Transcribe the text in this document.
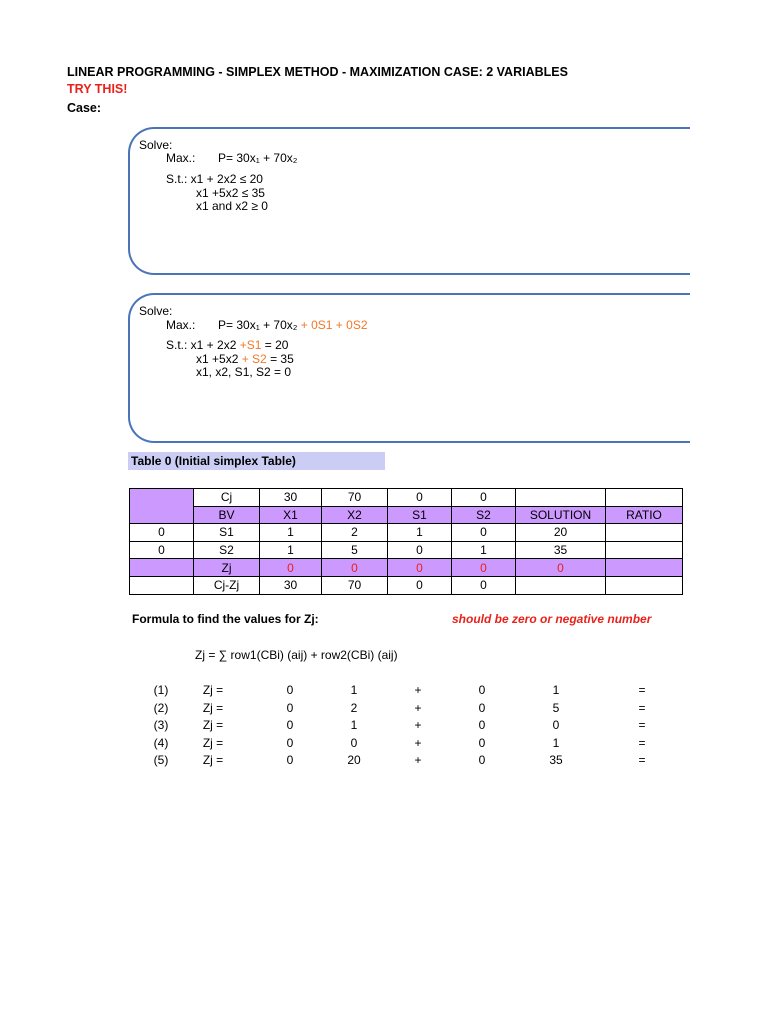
LINEAR PROGRAMMING - SIMPLEX METHOD - MAXIMIZATION CASE: 2 VARIABLES
TRY THIS!
Case:
Solve:
Max.: P= 30x₁ + 70x₂
S.t.: x1 + 2x2 ≤ 20
x1 +5x2 ≤ 35
x1 and x2 ≥ 0
Solve:
Max.: P= 30x₁ + 70x₂ + 0S1 + 0S2
S.t.: x1 + 2x2 +S1 = 20
x1 +5x2 + S2 = 35
x1, x2, S1, S2 = 0
Table 0 (Initial simplex Table)
	Cj	30	70	0	0		
	BV	X1	X2	S1	S2	SOLUTION	RATIO
0	S1	1	2	1	0	20	
0	S2	1	5	0	1	35	
	Zj	0	0	0	0	0	
	Cj-Zj	30	70	0	0		
Formula to find the values for Zj:	should be zero or negative number
Zj = ∑ row1(CBi) (aij) + row2(CBi) (aij)
(1)	Zj =	0	1	+	0	1	=
(2)	Zj =	0	2	+	0	5	=
(3)	Zj =	0	1	+	0	0	=
(4)	Zj =	0	0	+	0	1	=
(5)	Zj =	0	20	+	0	35	=
